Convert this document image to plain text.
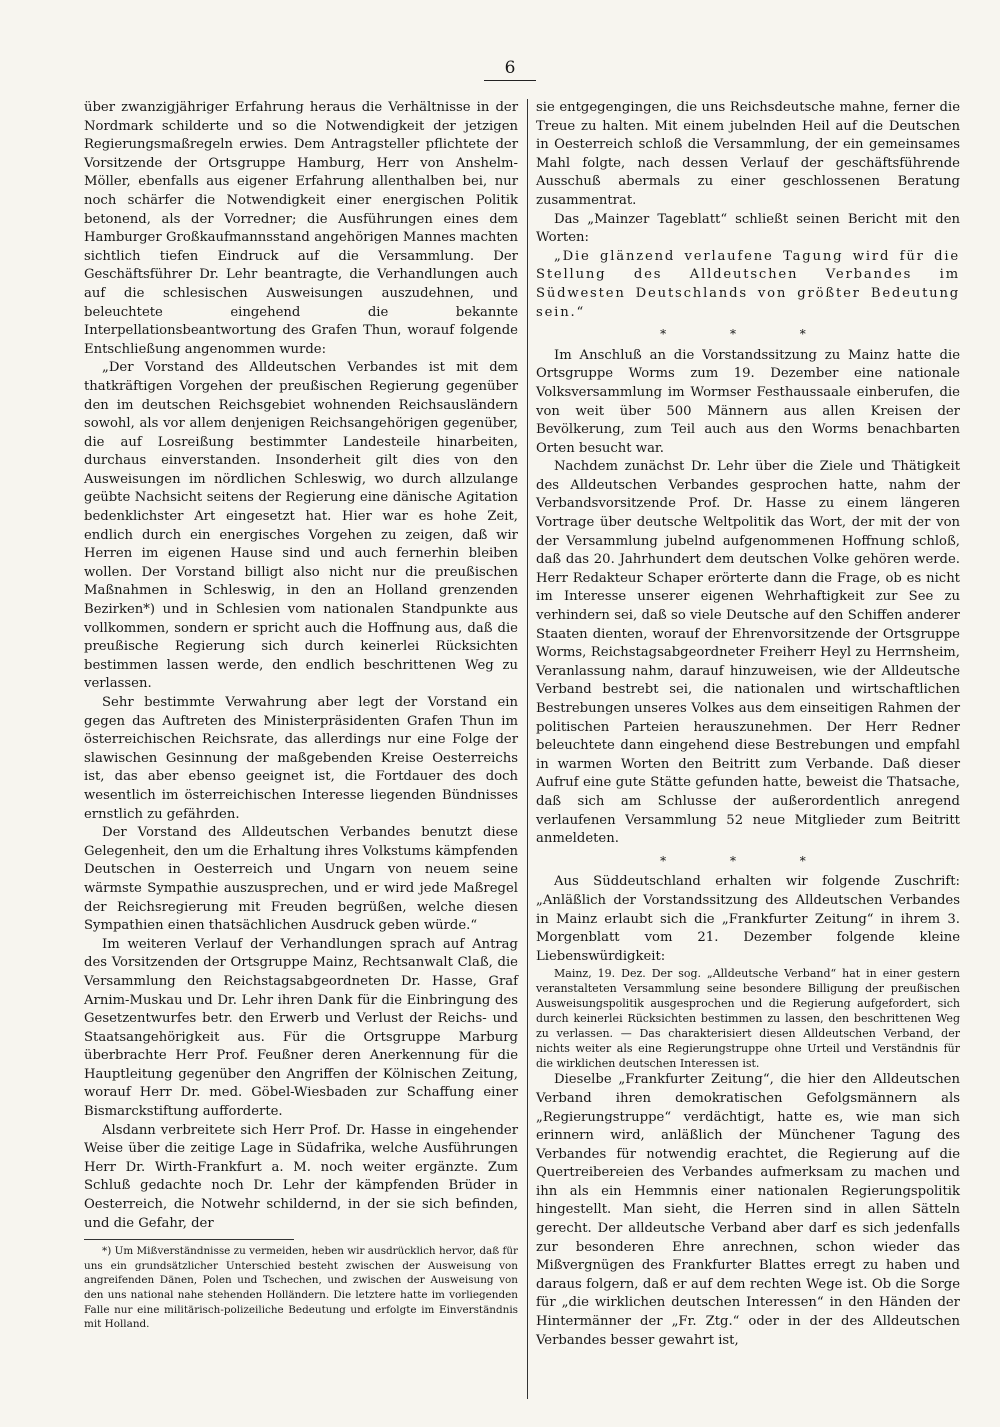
6

über zwanzigjähriger Erfahrung heraus die Verhältnisse in der Nordmark schilderte und so die Notwendigkeit der jetzigen Regierungsmaßregeln erwies. Dem Antragsteller pflichtete der Vorsitzende der Ortsgruppe Hamburg, Herr von Anshelm-Möller, ebenfalls aus eigener Erfahrung allenthalben bei, nur noch schärfer die Notwendigkeit einer energischen Politik betonend, als der Vorredner; die Ausführungen eines dem Hamburger Großkaufmannsstand angehörigen Mannes machten sichtlich tiefen Eindruck auf die Versammlung. Der Geschäftsführer Dr. Lehr beantragte, die Verhandlungen auch auf die schlesischen Ausweisungen auszudehnen, und beleuchtete eingehend die bekannte Interpellationsbeantwortung des Grafen Thun, worauf folgende Entschließung angenommen wurde:

„Der Vorstand des Alldeutschen Verbandes ist mit dem thatkräftigen Vorgehen der preußischen Regierung gegenüber den im deutschen Reichsgebiet wohnenden Reichsausländern sowohl, als vor allem denjenigen Reichsangehörigen gegenüber, die auf Losreißung bestimmter Landesteile hinarbeiten, durchaus einverstanden. Insonderheit gilt dies von den Ausweisungen im nördlichen Schleswig, wo durch allzulange geübte Nachsicht seitens der Regierung eine dänische Agitation bedenklichster Art eingesetzt hat. Hier war es hohe Zeit, endlich durch ein energisches Vorgehen zu zeigen, daß wir Herren im eigenen Hause sind und auch fernerhin bleiben wollen. Der Vorstand billigt also nicht nur die preußischen Maßnahmen in Schleswig, in den an Holland grenzenden Bezirken*) und in Schlesien vom nationalen Standpunkte aus vollkommen, sondern er spricht auch die Hoffnung aus, daß die preußische Regierung sich durch keinerlei Rücksichten bestimmen lassen werde, den endlich beschrittenen Weg zu verlassen.

Sehr bestimmte Verwahrung aber legt der Vorstand ein gegen das Auftreten des Ministerpräsidenten Grafen Thun im österreichischen Reichsrate, das allerdings nur eine Folge der slawischen Gesinnung der maßgebenden Kreise Oesterreichs ist, das aber ebenso geeignet ist, die Fortdauer des doch wesentlich im österreichischen Interesse liegenden Bündnisses ernstlich zu gefährden.

Der Vorstand des Alldeutschen Verbandes benutzt diese Gelegenheit, den um die Erhaltung ihres Volkstums kämpfenden Deutschen in Oesterreich und Ungarn von neuem seine wärmste Sympathie auszusprechen, und er wird jede Maßregel der Reichsregierung mit Freuden begrüßen, welche diesen Sympathien einen thatsächlichen Ausdruck geben würde.“

Im weiteren Verlauf der Verhandlungen sprach auf Antrag des Vorsitzenden der Ortsgruppe Mainz, Rechtsanwalt Claß, die Versammlung den Reichstagsabgeordneten Dr. Hasse, Graf Arnim-Muskau und Dr. Lehr ihren Dank für die Einbringung des Gesetzentwurfes betr. den Erwerb und Verlust der Reichs- und Staatsangehörigkeit aus. Für die Ortsgruppe Marburg überbrachte Herr Prof. Feußner deren Anerkennung für die Hauptleitung gegenüber den Angriffen der Kölnischen Zeitung, worauf Herr Dr. med. Göbel-Wiesbaden zur Schaffung einer Bismarckstiftung aufforderte.

Alsdann verbreitete sich Herr Prof. Dr. Hasse in eingehender Weise über die zeitige Lage in Südafrika, welche Ausführungen Herr Dr. Wirth-Frankfurt a. M. noch weiter ergänzte. Zum Schluß gedachte noch Dr. Lehr der kämpfenden Brüder in Oesterreich, die Notwehr schildernd, in der sie sich befinden, und die Gefahr, der

*) Um Mißverständnisse zu vermeiden, heben wir ausdrücklich hervor, daß für uns ein grundsätzlicher Unterschied besteht zwischen der Ausweisung von angreifenden Dänen, Polen und Tschechen, und zwischen der Ausweisung von den uns national nahe stehenden Holländern. Die letztere hatte im vorliegenden Falle nur eine militärisch-polizeiliche Bedeutung und erfolgte im Einverständnis mit Holland.

sie entgegengingen, die uns Reichsdeutsche mahne, ferner die Treue zu halten. Mit einem jubelnden Heil auf die Deutschen in Oesterreich schloß die Versammlung, der ein gemeinsames Mahl folgte, nach dessen Verlauf der geschäftsführende Ausschuß abermals zu einer geschlossenen Beratung zusammentrat.

Das „Mainzer Tageblatt“ schließt seinen Bericht mit den Worten:

„Die glänzend verlaufene Tagung wird für die Stellung des Alldeutschen Verbandes im Südwesten Deutschlands von größter Bedeutung sein.“

* * *

Im Anschluß an die Vorstandssitzung zu Mainz hatte die Ortsgruppe Worms zum 19. Dezember eine nationale Volksversammlung im Wormser Festhaussaale einberufen, die von weit über 500 Männern aus allen Kreisen der Bevölkerung, zum Teil auch aus den Worms benachbarten Orten besucht war.

Nachdem zunächst Dr. Lehr über die Ziele und Thätigkeit des Alldeutschen Verbandes gesprochen hatte, nahm der Verbandsvorsitzende Prof. Dr. Hasse zu einem längeren Vortrage über deutsche Weltpolitik das Wort, der mit der von der Versammlung jubelnd aufgenommenen Hoffnung schloß, daß das 20. Jahrhundert dem deutschen Volke gehören werde. Herr Redakteur Schaper erörterte dann die Frage, ob es nicht im Interesse unserer eigenen Wehrhaftigkeit zur See zu verhindern sei, daß so viele Deutsche auf den Schiffen anderer Staaten dienten, worauf der Ehrenvorsitzende der Ortsgruppe Worms, Reichstagsabgeordneter Freiherr Heyl zu Herrnsheim, Veranlassung nahm, darauf hinzuweisen, wie der Alldeutsche Verband bestrebt sei, die nationalen und wirtschaftlichen Bestrebungen unseres Volkes aus dem einseitigen Rahmen der politischen Parteien herauszunehmen. Der Herr Redner beleuchtete dann eingehend diese Bestrebungen und empfahl in warmen Worten den Beitritt zum Verbande. Daß dieser Aufruf eine gute Stätte gefunden hatte, beweist die Thatsache, daß sich am Schlusse der außerordentlich anregend verlaufenen Versammlung 52 neue Mitglieder zum Beitritt anmeldeten.

* * *

Aus Süddeutschland erhalten wir folgende Zuschrift: „Anläßlich der Vorstandssitzung des Alldeutschen Verbandes in Mainz erlaubt sich die „Frankfurter Zeitung“ in ihrem 3. Morgenblatt vom 21. Dezember folgende kleine Liebenswürdigkeit:

Mainz, 19. Dez. Der sog. „Alldeutsche Verband“ hat in einer gestern veranstalteten Versammlung seine besondere Billigung der preußischen Ausweisungspolitik ausgesprochen und die Regierung aufgefordert, sich durch keinerlei Rücksichten bestimmen zu lassen, den beschrittenen Weg zu verlassen. — Das charakterisiert diesen Alldeutschen Verband, der nichts weiter als eine Regierungstruppe ohne Urteil und Verständnis für die wirklichen deutschen Interessen ist.

Dieselbe „Frankfurter Zeitung“, die hier den Alldeutschen Verband ihren demokratischen Gefolgsmännern als „Regierungstruppe“ verdächtigt, hatte es, wie man sich erinnern wird, anläßlich der Münchener Tagung des Verbandes für notwendig erachtet, die Regierung auf die Quertreibereien des Verbandes aufmerksam zu machen und ihn als ein Hemmnis einer nationalen Regierungspolitik hingestellt. Man sieht, die Herren sind in allen Sätteln gerecht. Der alldeutsche Verband aber darf es sich jedenfalls zur besonderen Ehre anrechnen, schon wieder das Mißvergnügen des Frankfurter Blattes erregt zu haben und daraus folgern, daß er auf dem rechten Wege ist. Ob die Sorge für „die wirklichen deutschen Interessen“ in den Händen der Hintermänner der „Fr. Ztg.“ oder in der des Alldeutschen Verbandes besser gewahrt ist,
